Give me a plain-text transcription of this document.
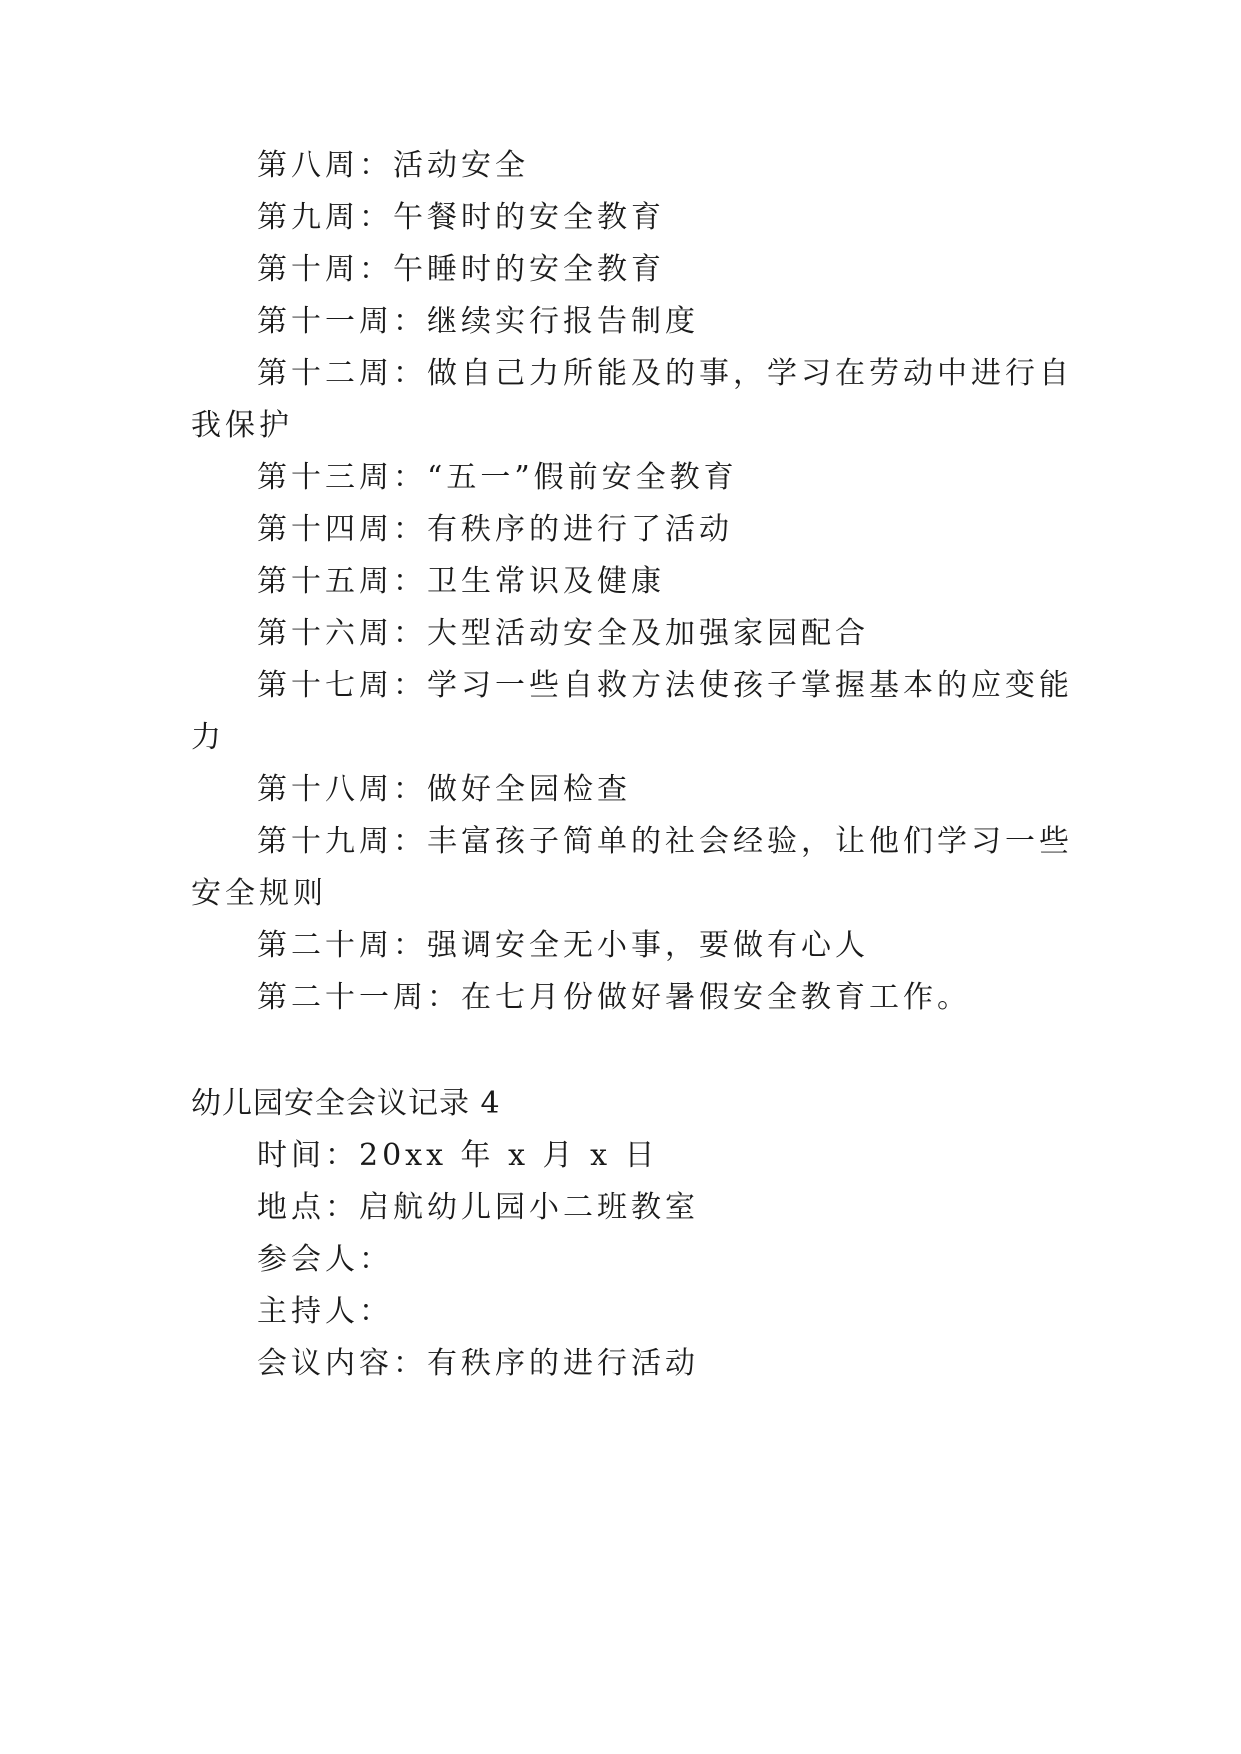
第八周：活动安全
第九周：午餐时的安全教育
第十周：午睡时的安全教育
第十一周：继续实行报告制度
第十二周：做自己力所能及的事，学习在劳动中进行自
我保护
第十三周：“五一”假前安全教育
第十四周：有秩序的进行了活动
第十五周：卫生常识及健康
第十六周：大型活动安全及加强家园配合
第十七周：学习一些自救方法使孩子掌握基本的应变能
力
第十八周：做好全园检查
第十九周：丰富孩子简单的社会经验，让他们学习一些
安全规则
第二十周：强调安全无小事，要做有心人
第二十一周：在七月份做好暑假安全教育工作。
幼儿园安全会议记录 4
时间：20xx 年 x 月 x 日
地点：启航幼儿园小二班教室
参会人：
主持人：
会议内容：有秩序的进行活动
